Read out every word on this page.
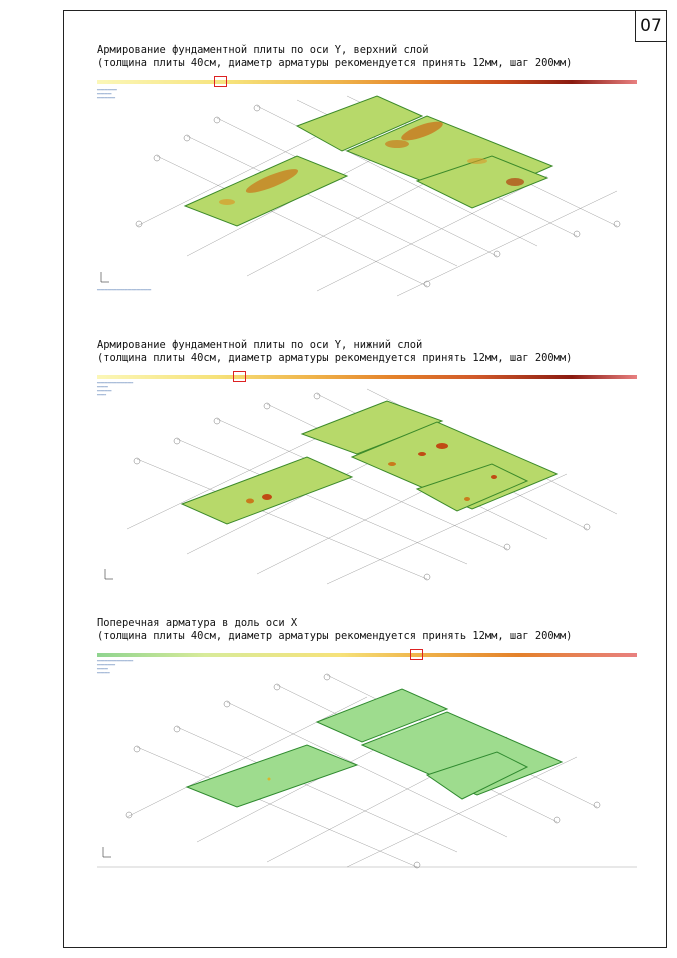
07
Армирование фундаментной плиты по оси Y, верхний слой
(толщина плиты 40см, диаметр арматуры рекомендуется принять 12мм, шаг 200мм)
━━━━━━━━━━━
━━━━━━━━
━━━━━━━━━━
━━━━━━━━━━━━━━━━━━━━━━━━━━━━━━
Армирование фундаментной плиты по оси Y, нижний слой
(толщина плиты 40см, диаметр арматуры рекомендуется принять 12мм, шаг 200мм)
━━━━━━━━━━━━━━━━━━━━
━━━━━━
━━━━━━━━
━━━━━
Поперечная арматура в доль оси X
(толщина плиты 40см, диаметр арматуры рекомендуется принять 12мм, шаг 200мм)
━━━━━━━━━━━━━━━━━━━━
━━━━━━━━━━
━━━━━━
━━━━━━━
